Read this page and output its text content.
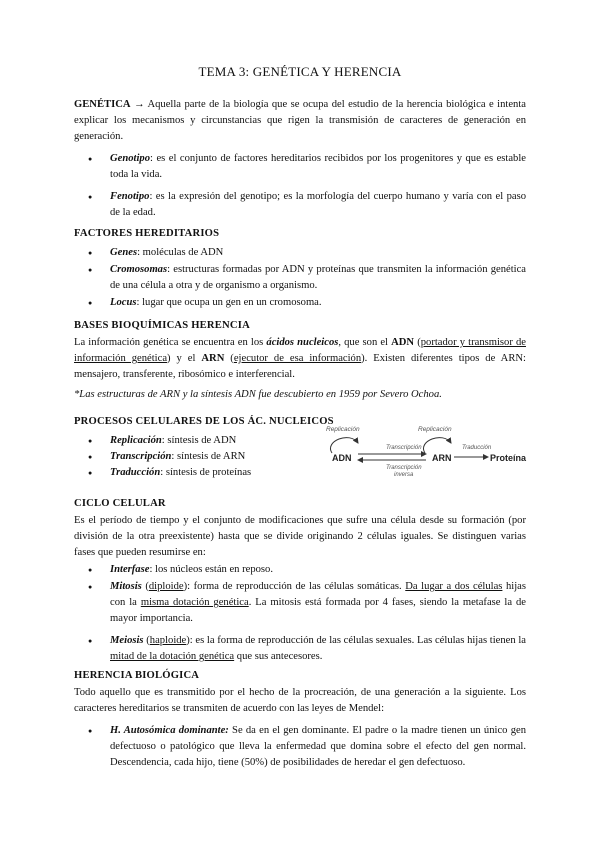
TEMA 3: GENÉTICA Y HERENCIA
GENÉTICA → Aquella parte de la biología que se ocupa del estudio de la herencia biológica e intenta explicar los mecanismos y circunstancias que rigen la transmisión de caracteres de generación en generación.
● Genotipo: es el conjunto de factores hereditarios recibidos por los progenitores y que es estable toda la vida.
● Fenotipo: es la expresión del genotipo; es la morfología del cuerpo humano y varía con el paso de la edad.
FACTORES HEREDITARIOS
● Genes: moléculas de ADN
● Cromosomas: estructuras formadas por ADN y proteínas que transmiten la información genética de una célula a otra y de organismo a organismo.
● Locus: lugar que ocupa un gen en un cromosoma.
BASES BIOQUÍMICAS HERENCIA
La información genética se encuentra en los ácidos nucleicos, que son el ADN (portador y transmisor de información genética) y el ARN (ejecutor de esa información). Existen diferentes tipos de ARN: mensajero, transferente, ribosómico e interferencial.
*Las estructuras de ARN y la síntesis ADN fue descubierto en 1959 por Severo Ochoa.
PROCESOS CELULARES DE LOS ÁC. NUCLEICOS
● Replicación: síntesis de ADN
● Transcripción: síntesis de ARN
● Traducción: síntesis de proteínas
Replicación	Replicación
ADN	ARN
Transcripción
Transcripción
inversa
Traducción
Proteína
CICLO CELULAR
Es el período de tiempo y el conjunto de modificaciones que sufre una célula desde su formación (por división de la otra preexistente) hasta que se divide originando 2 células iguales. Se distinguen varias fases que pueden resumirse en:
● Interfase: los núcleos están en reposo.
● Mitosis (diploide): forma de reproducción de las células somáticas. Da lugar a dos células hijas con la misma dotación genética. La mitosis está formada por 4 fases, siendo la metafase la de mayor importancia.
● Meiosis (haploide): es la forma de reproducción de las células sexuales. Las células hijas tienen la mitad de la dotación genética que sus antecesores.
HERENCIA BIOLÓGICA
Todo aquello que es transmitido por el hecho de la procreación, de una generación a la siguiente. Los caracteres hereditarios se transmiten de acuerdo con las leyes de Mendel:
● H. Autosómica dominante: Se da en el gen dominante. El padre o la madre tienen un único gen defectuoso o patológico que lleva la enfermedad que domina sobre el efecto del gen normal. Descendencia, cada hijo, tiene (50%) de posibilidades de heredar el gen defectuoso.
